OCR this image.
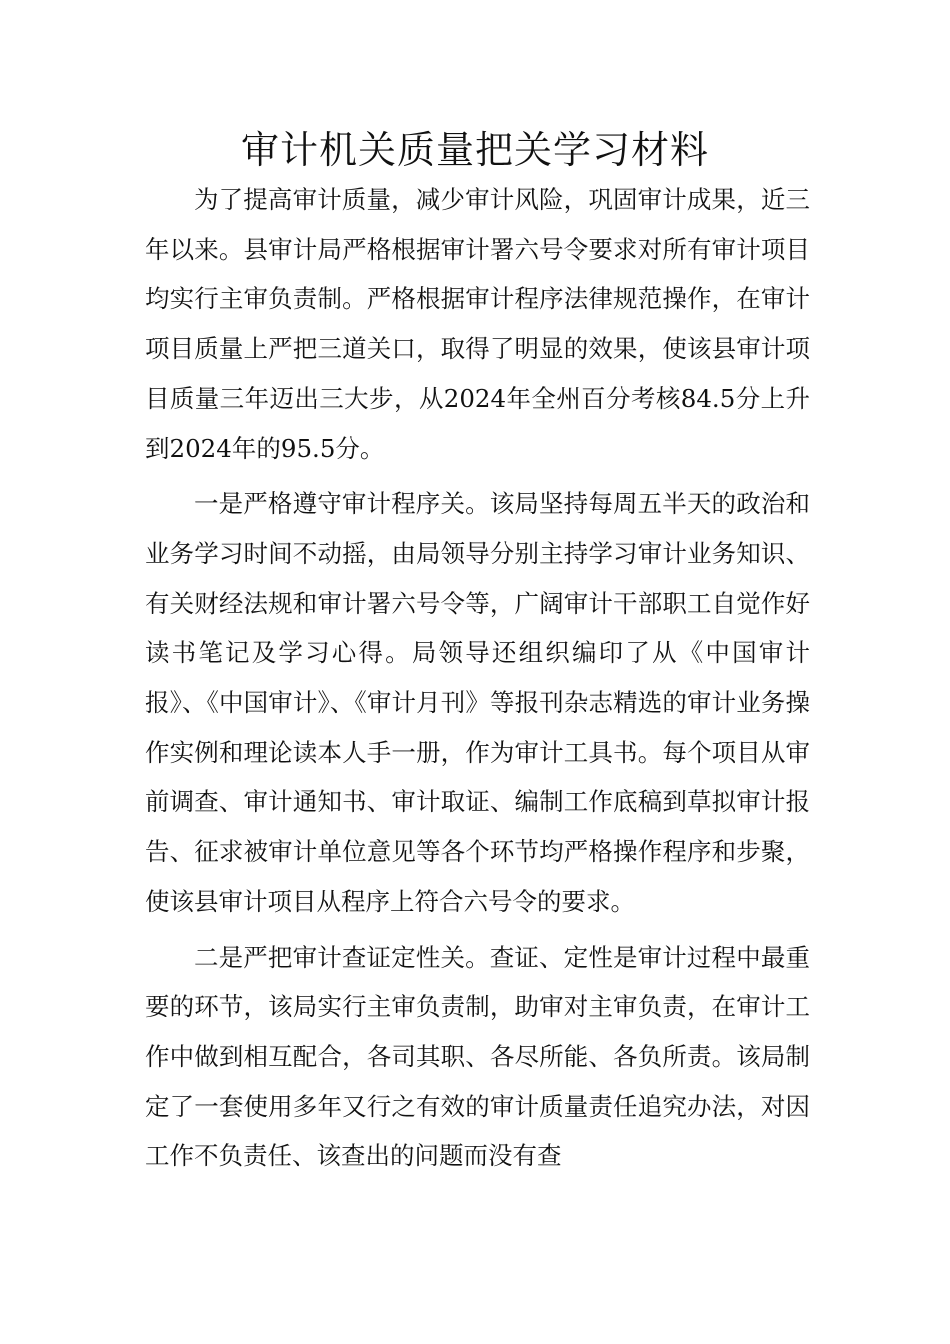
审计机关质量把关学习材料

为了提高审计质量，减少审计风险，巩固审计成果，近三年以来。县审计局严格根据审计署六号令要求对所有审计项目均实行主审负责制。严格根据审计程序法律规范操作，在审计项目质量上严把三道关口，取得了明显的效果，使该县审计项目质量三年迈出三大步，从2024年全州百分考核84.5分上升到2024年的95.5分。

一是严格遵守审计程序关。该局坚持每周五半天的政治和业务学习时间不动摇，由局领导分别主持学习审计业务知识、有关财经法规和审计署六号令等，广阔审计干部职工自觉作好读书笔记及学习心得。局领导还组织编印了从《中国审计报》、《中国审计》、《审计月刊》等报刊杂志精选的审计业务操作实例和理论读本人手一册，作为审计工具书。每个项目从审前调查、审计通知书、审计取证、编制工作底稿到草拟审计报告、征求被审计单位意见等各个环节均严格操作程序和步聚，使该县审计项目从程序上符合六号令的要求。

二是严把审计查证定性关。查证、定性是审计过程中最重要的环节，该局实行主审负责制，助审对主审负责，在审计工作中做到相互配合，各司其职、各尽所能、各负所责。该局制定了一套使用多年又行之有效的审计质量责任追究办法，对因工作不负责任、该查出的问题而没有查
